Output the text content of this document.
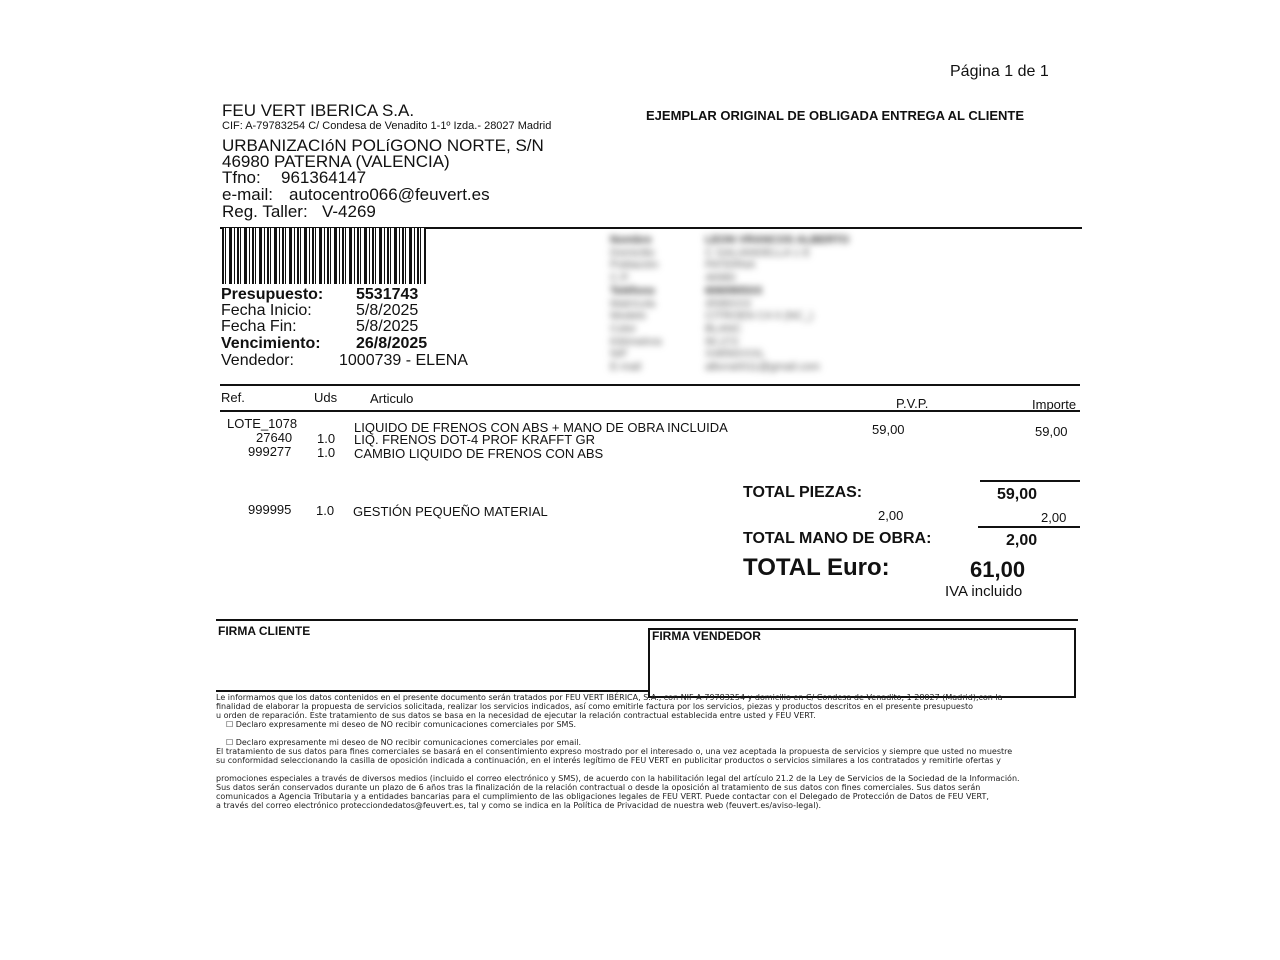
Página 1 de 1
FEU VERT IBERICA S.A.
CIF: A-79783254 C/ Condesa de Venadito 1-1º Izda.- 28027 Madrid
URBANIZACIóN POLíGONO NORTE, S/N
46980 PATERNA (VALENCIA)
Tfno: 961364147
e-mail: autocentro066@feuvert.es
Reg. Taller: V-4269
EJEMPLAR ORIGINAL DE OBLIGADA ENTREGA AL CLIENTE
Presupuesto: 5531743
Fecha Inicio:	5/8/2025
Fecha Fin:	5/8/2025
Vencimiento: 26/8/2025
Vendedor:	1000739 - ELENA
Nombre	LEON VRANCOS ALBERTO
Domicilio	C GALIANDELLA 1 E
Población	PATERNA
C.P.	46980
Teléfono	6060905XX
Matrícula	4598XXX
Modelo	CITROEN C4 II (NC_)
Color	BLANC
Kilómetros	90.272
NIF	X4856XXXL
E-mail	albvra0011@gmail.com
Ref.	Uds	Articulo	P.V.P.	Importe
LOTE_1078	LIQUIDO DE FRENOS CON ABS + MANO DE OBRA INCLUIDA	59,00	59,00
27640 1.0 LIQ. FRENOS DOT-4 PROF KRAFFT GR
999277 1.0 CAMBIO LIQUIDO DE FRENOS CON ABS
999995 1.0 GESTIÓN PEQUEÑO MATERIAL	2,00	2,00
TOTAL PIEZAS:	59,00
TOTAL MANO DE OBRA:	2,00
TOTAL Euro:	61,00
IVA incluido
FIRMA CLIENTE	FIRMA VENDEDOR
Le informamos que los datos contenidos en el presente documento serán tratados por FEU VERT IBÉRICA, S.A., con NIF A-79783254 y domicilio en C/ Condesa de Venadito, 1 28027 (Madrid),con la
finalidad de elaborar la propuesta de servicios solicitada, realizar los servicios indicados, así como emitirle factura por los servicios, piezas y productos descritos en el presente presupuesto
u orden de reparación. Este tratamiento de sus datos se basa en la necesidad de ejecutar la relación contractual establecida entre usted y FEU VERT.
☐ Declaro expresamente mi deseo de NO recibir comunicaciones comerciales por SMS.
☐ Declaro expresamente mi deseo de NO recibir comunicaciones comerciales por email.
El tratamiento de sus datos para fines comerciales se basará en el consentimiento expreso mostrado por el interesado o, una vez aceptada la propuesta de servicios y siempre que usted no muestre
su conformidad seleccionando la casilla de oposición indicada a continuación, en el interés legítimo de FEU VERT en publicitar productos o servicios similares a los contratados y remitirle ofertas y
promociones especiales a través de diversos medios (incluido el correo electrónico y SMS), de acuerdo con la habilitación legal del artículo 21.2 de la Ley de Servicios de la Sociedad de la Información.
Sus datos serán conservados durante un plazo de 6 años tras la finalización de la relación contractual o desde la oposición al tratamiento de sus datos con fines comerciales. Sus datos serán
comunicados a Agencia Tributaria y a entidades bancarias para el cumplimiento de las obligaciones legales de FEU VERT. Puede contactar con el Delegado de Protección de Datos de FEU VERT,
a través del correo electrónico protecciondedatos@feuvert.es, tal y como se indica en la Política de Privacidad de nuestra web (feuvert.es/aviso-legal).
